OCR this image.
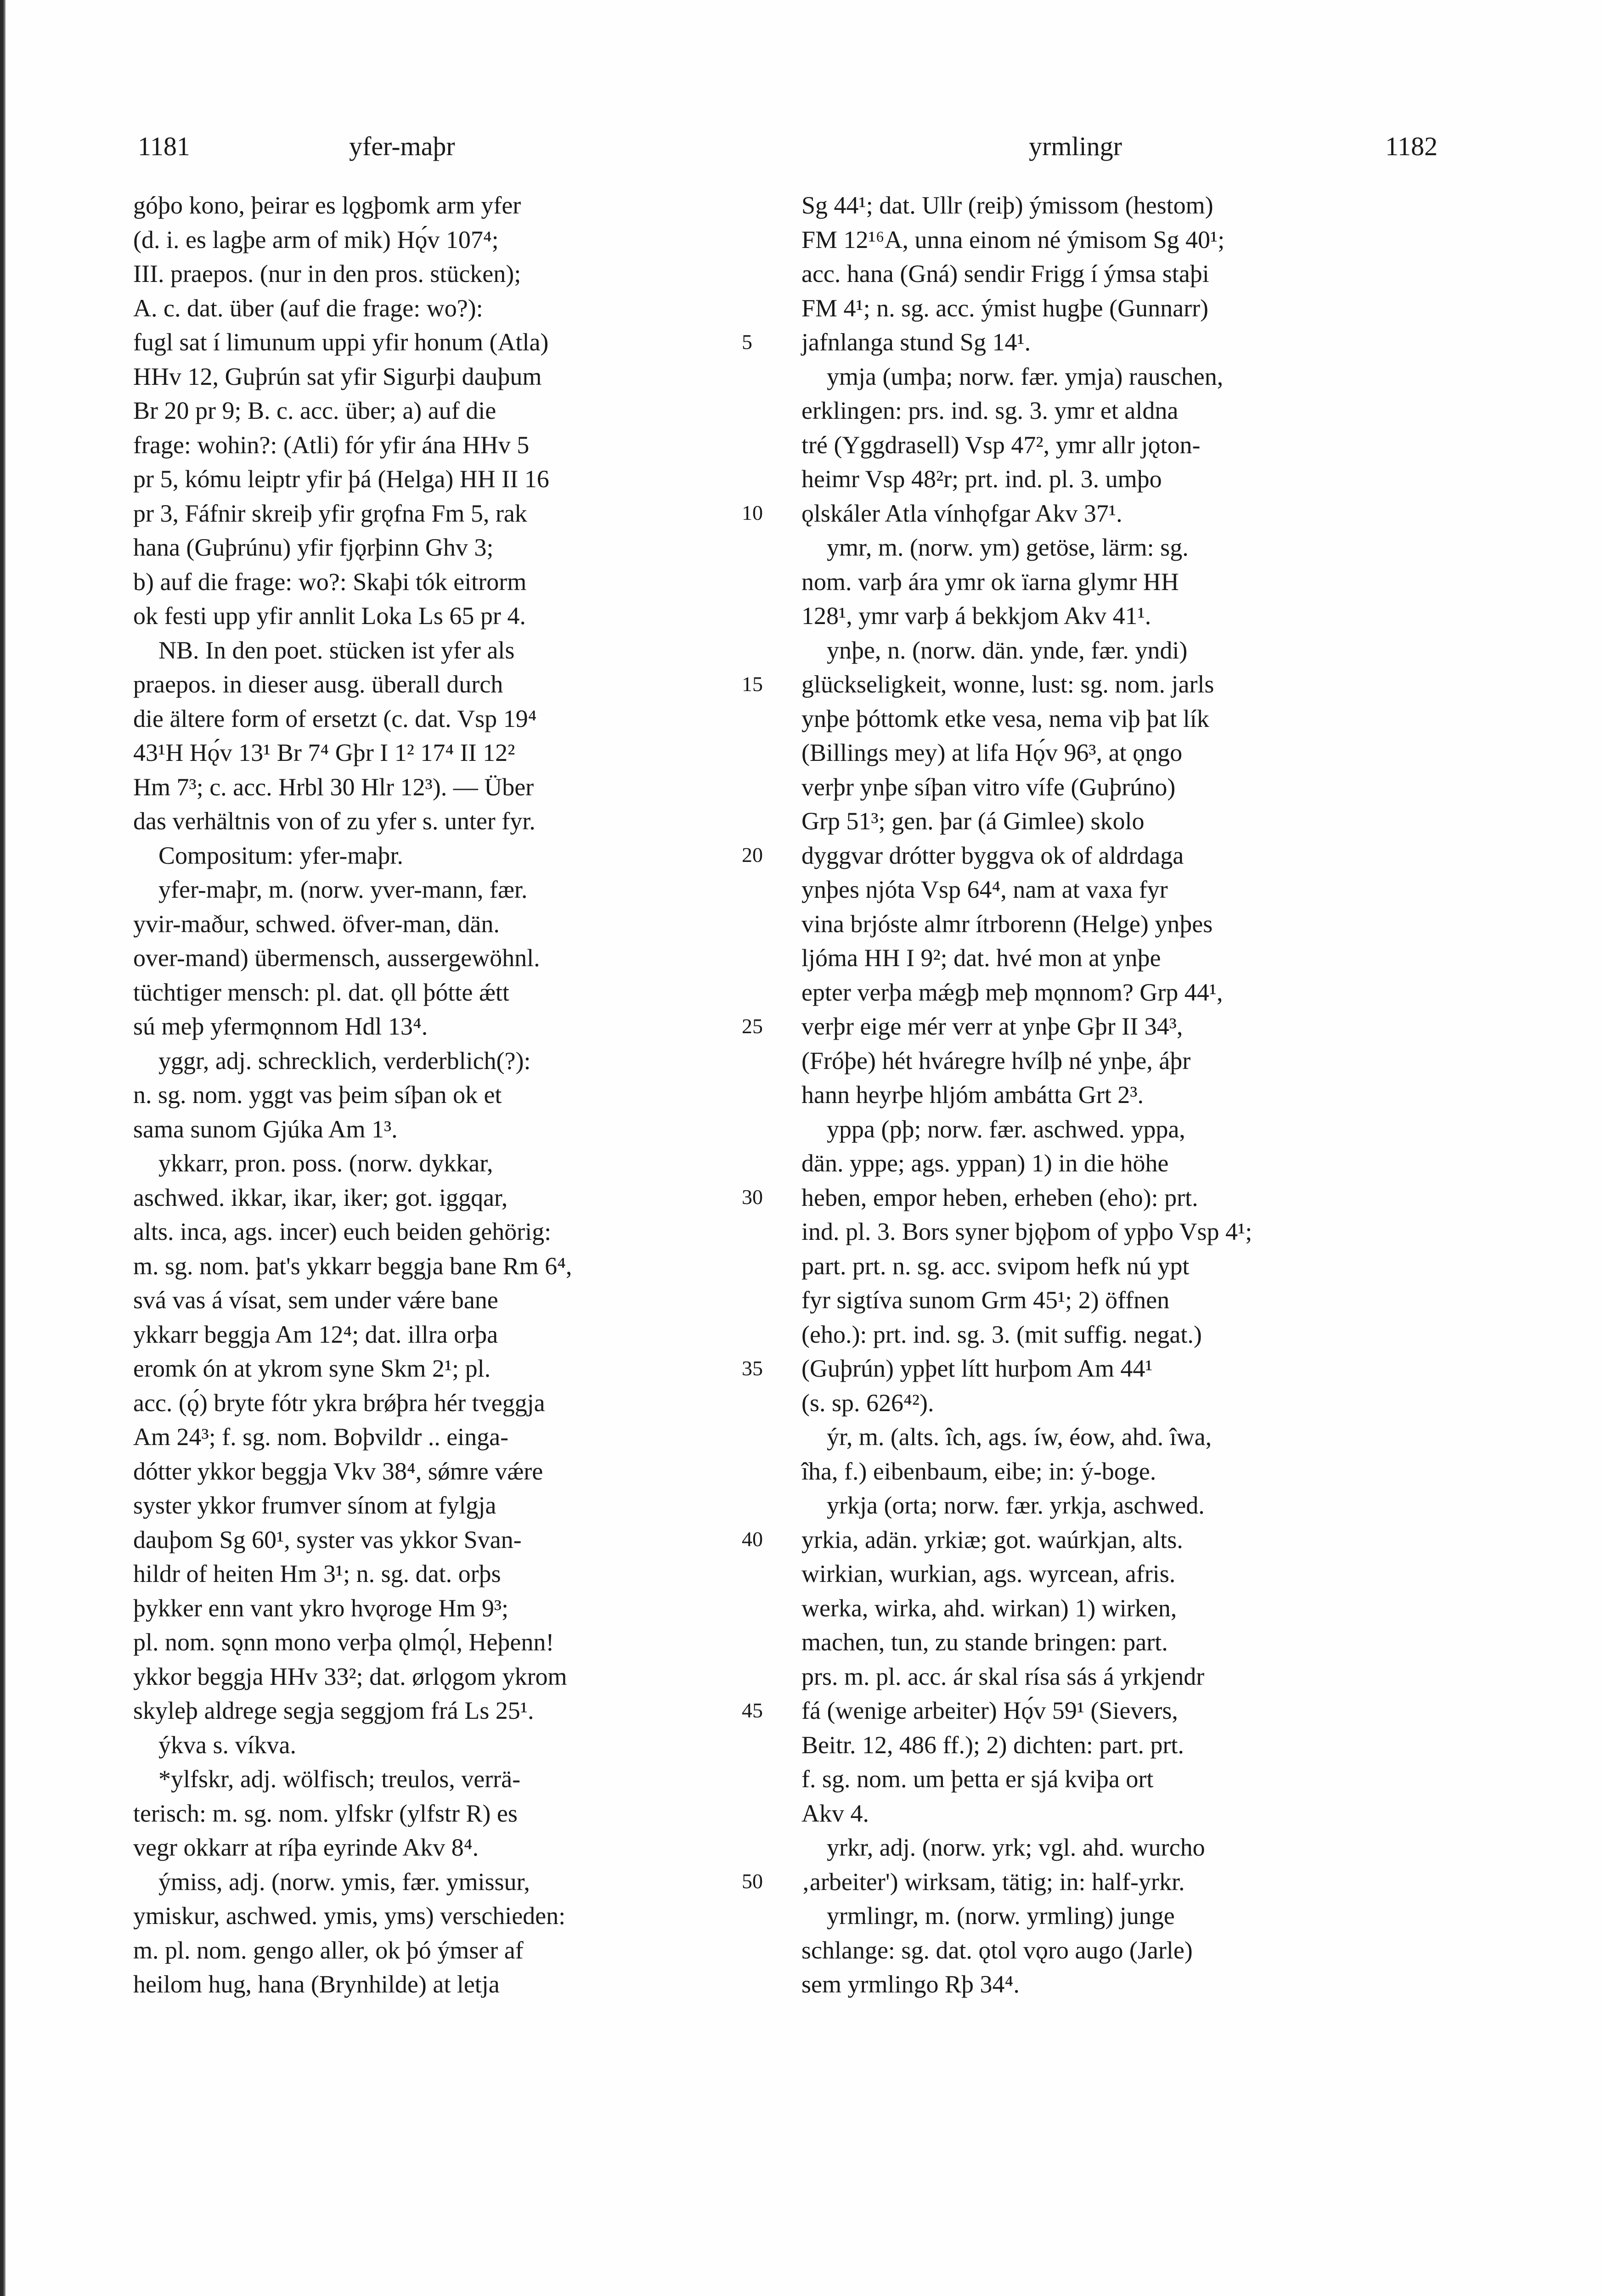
1181	yfer-maþr	yrmlingr	1182
góþo kono, þeirar es lǫgþomk arm yfer
(d. i. es lagþe arm of mik) Hǫ́v 107⁴;
III. praepos. (nur in den pros. stücken);
A. c. dat. über (auf die frage: wo?):
fugl sat í limunum uppi yfir honum (Atla)
HHv 12, Guþrún sat yfir Sigurþi dauþum
Br 20 pr 9; B. c. acc. über; a) auf die
frage: wohin?: (Atli) fór yfir ána HHv 5
pr 5, kómu leiptr yfir þá (Helga) HH II 16
pr 3, Fáfnir skreiþ yfir grǫfna Fm 5, rak
hana (Guþrúnu) yfir fjǫrþinn Ghv 3;
b) auf die frage: wo?: Skaþi tók eitrorm
ok festi upp yfir annlit Loka Ls 65 pr 4.
NB. In den poet. stücken ist yfer als
praepos. in dieser ausg. überall durch
die ältere form of ersetzt (c. dat. Vsp 19⁴
43¹H Hǫ́v 13¹ Br 7⁴ Gþr I 1² 17⁴ II 12²
Hm 7³; c. acc. Hrbl 30 Hlr 12³). — Über
das verhältnis von of zu yfer s. unter fyr.
Compositum: yfer-maþr.
yfer-maþr, m. (norw. yver-mann, fær.
yvir-maður, schwed. öfver-man, dän.
over-mand) übermensch, aussergewöhnl.
tüchtiger mensch: pl. dat. ǫll þótte ǽtt
sú meþ yfermǫnnom Hdl 13⁴.
yggr, adj. schrecklich, verderblich(?):
n. sg. nom. yggt vas þeim síþan ok et
sama sunom Gjúka Am 1³.
ykkarr, pron. poss. (norw. dykkar,
aschwed. ikkar, ikar, iker; got. iggqar,
alts. inca, ags. incer) euch beiden gehörig:
m. sg. nom. þat's ykkarr beggja bane Rm 6⁴,
svá vas á vísat, sem under vǽre bane
ykkarr beggja Am 12⁴; dat. illra orþa
eromk ón at ykrom syne Skm 2¹; pl.
acc. (ǫ́) bryte fótr ykra brǿþra hér tveggja
Am 24³; f. sg. nom. Boþvildr .. einga-
dótter ykkor beggja Vkv 38⁴, sǿmre vǽre
syster ykkor frumver sínom at fylgja
dauþom Sg 60¹, syster vas ykkor Svan-
hildr of heiten Hm 3¹; n. sg. dat. orþs
þykker enn vant ykro hvǫroge Hm 9³;
pl. nom. sǫnn mono verþa ǫlmǫ́l, Heþenn!
ykkor beggja HHv 33²; dat. ørlǫgom ykrom
skyleþ aldrege segja seggjom frá Ls 25¹.
ýkva s. víkva.
*ylfskr, adj. wölfisch; treulos, verrä-
terisch: m. sg. nom. ylfskr (ylfstr R) es
vegr okkarr at ríþa eyrinde Akv 8⁴.
ýmiss, adj. (norw. ymis, fær. ymissur,
ymiskur, aschwed. ymis, yms) verschieden:
m. pl. nom. gengo aller, ok þó ýmser af
heilom hug, hana (Brynhilde) at letja
5
10
15
20
25
30
35
40
45
50
Sg 44¹; dat. Ullr (reiþ) ýmissom (hestom)
FM 12¹⁶A, unna einom né ýmisom Sg 40¹;
acc. hana (Gná) sendir Frigg í ýmsa staþi
FM 4¹; n. sg. acc. ýmist hugþe (Gunnarr)
jafnlanga stund Sg 14¹.
ymja (umþa; norw. fær. ymja) rauschen,
erklingen: prs. ind. sg. 3. ymr et aldna
tré (Yggdrasell) Vsp 47², ymr allr jǫton-
heimr Vsp 48²r; prt. ind. pl. 3. umþo
ǫlskáler Atla vínhǫfgar Akv 37¹.
ymr, m. (norw. ym) getöse, lärm: sg.
nom. varþ ára ymr ok ïarna glymr HH
128¹, ymr varþ á bekkjom Akv 41¹.
ynþe, n. (norw. dän. ynde, fær. yndi)
glückseligkeit, wonne, lust: sg. nom. jarls
ynþe þóttomk etke vesa, nema viþ þat lík
(Billings mey) at lifa Hǫ́v 96³, at ǫngo
verþr ynþe síþan vitro vífe (Guþrúno)
Grp 51³; gen. þar (á Gimlee) skolo
dyggvar drótter byggva ok of aldrdaga
ynþes njóta Vsp 64⁴, nam at vaxa fyr
vina brjóste almr ítrborenn (Helge) ynþes
ljóma HH I 9²; dat. hvé mon at ynþe
epter verþa mǽgþ meþ mǫnnom? Grp 44¹,
verþr eige mér verr at ynþe Gþr II 34³,
(Fróþe) hét hváregre hvílþ né ynþe, áþr
hann heyrþe hljóm ambátta Grt 2³.
yppa (pþ; norw. fær. aschwed. yppa,
dän. yppe; ags. yppan) 1) in die höhe
heben, empor heben, erheben (eho): prt.
ind. pl. 3. Bors syner bjǫþom of ypþo Vsp 4¹;
part. prt. n. sg. acc. svipom hefk nú ypt
fyr sigtíva sunom Grm 45¹; 2) öffnen
(eho.): prt. ind. sg. 3. (mit suffig. negat.)
(Guþrún) ypþet lítt hurþom Am 44¹
(s. sp. 626⁴²).
ýr, m. (alts. îch, ags. íw, éow, ahd. îwa,
îha, f.) eibenbaum, eibe; in: ý-boge.
yrkja (orta; norw. fær. yrkja, aschwed.
yrkia, adän. yrkiæ; got. waúrkjan, alts.
wirkian, wurkian, ags. wyrcean, afris.
werka, wirka, ahd. wirkan) 1) wirken,
machen, tun, zu stande bringen: part.
prs. m. pl. acc. ár skal rísa sás á yrkjendr
fá (wenige arbeiter) Hǫ́v 59¹ (Sievers,
Beitr. 12, 486 ff.); 2) dichten: part. prt.
f. sg. nom. um þetta er sjá kviþa ort
Akv 4.
yrkr, adj. (norw. yrk; vgl. ahd. wurcho
‚arbeiter') wirksam, tätig; in: half-yrkr.
yrmlingr, m. (norw. yrmling) junge
schlange: sg. dat. ǫtol vǫro augo (Jarle)
sem yrmlingo Rþ 34⁴.
